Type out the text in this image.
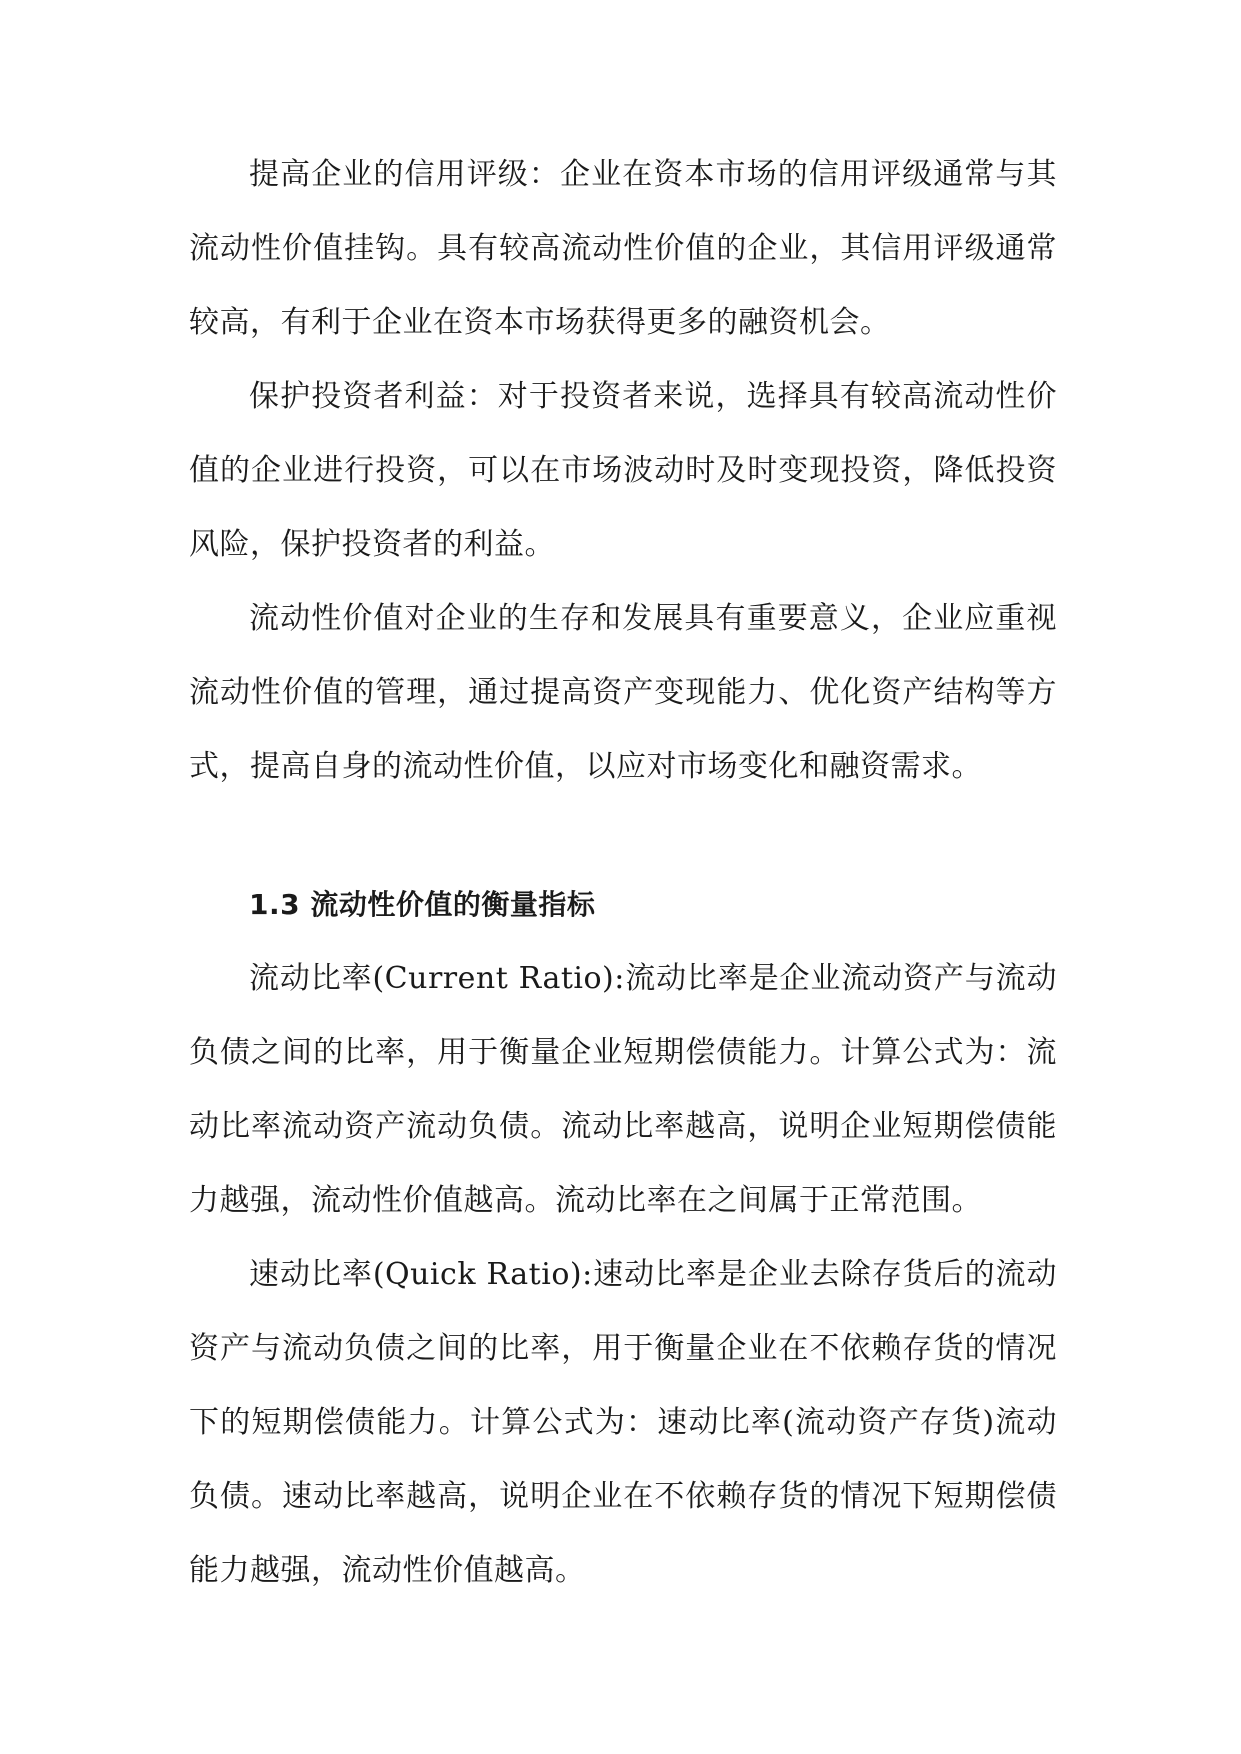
提高企业的信用评级：企业在资本市场的信用评级通常与其流动性价值挂钩。具有较高流动性价值的企业，其信用评级通常较高，有利于企业在资本市场获得更多的融资机会。

保护投资者利益：对于投资者来说，选择具有较高流动性价值的企业进行投资，可以在市场波动时及时变现投资，降低投资风险，保护投资者的利益。

流动性价值对企业的生存和发展具有重要意义，企业应重视流动性价值的管理，通过提高资产变现能力、优化资产结构等方式，提高自身的流动性价值，以应对市场变化和融资需求。

1.3 流动性价值的衡量指标

流动比率(Current Ratio):流动比率是企业流动资产与流动负债之间的比率，用于衡量企业短期偿债能力。计算公式为：流动比率流动资产流动负债。流动比率越高，说明企业短期偿债能力越强，流动性价值越高。流动比率在之间属于正常范围。

速动比率(Quick Ratio):速动比率是企业去除存货后的流动资产与流动负债之间的比率，用于衡量企业在不依赖存货的情况下的短期偿债能力。计算公式为：速动比率(流动资产存货)流动负债。速动比率越高，说明企业在不依赖存货的情况下短期偿债能力越强，流动性价值越高。
